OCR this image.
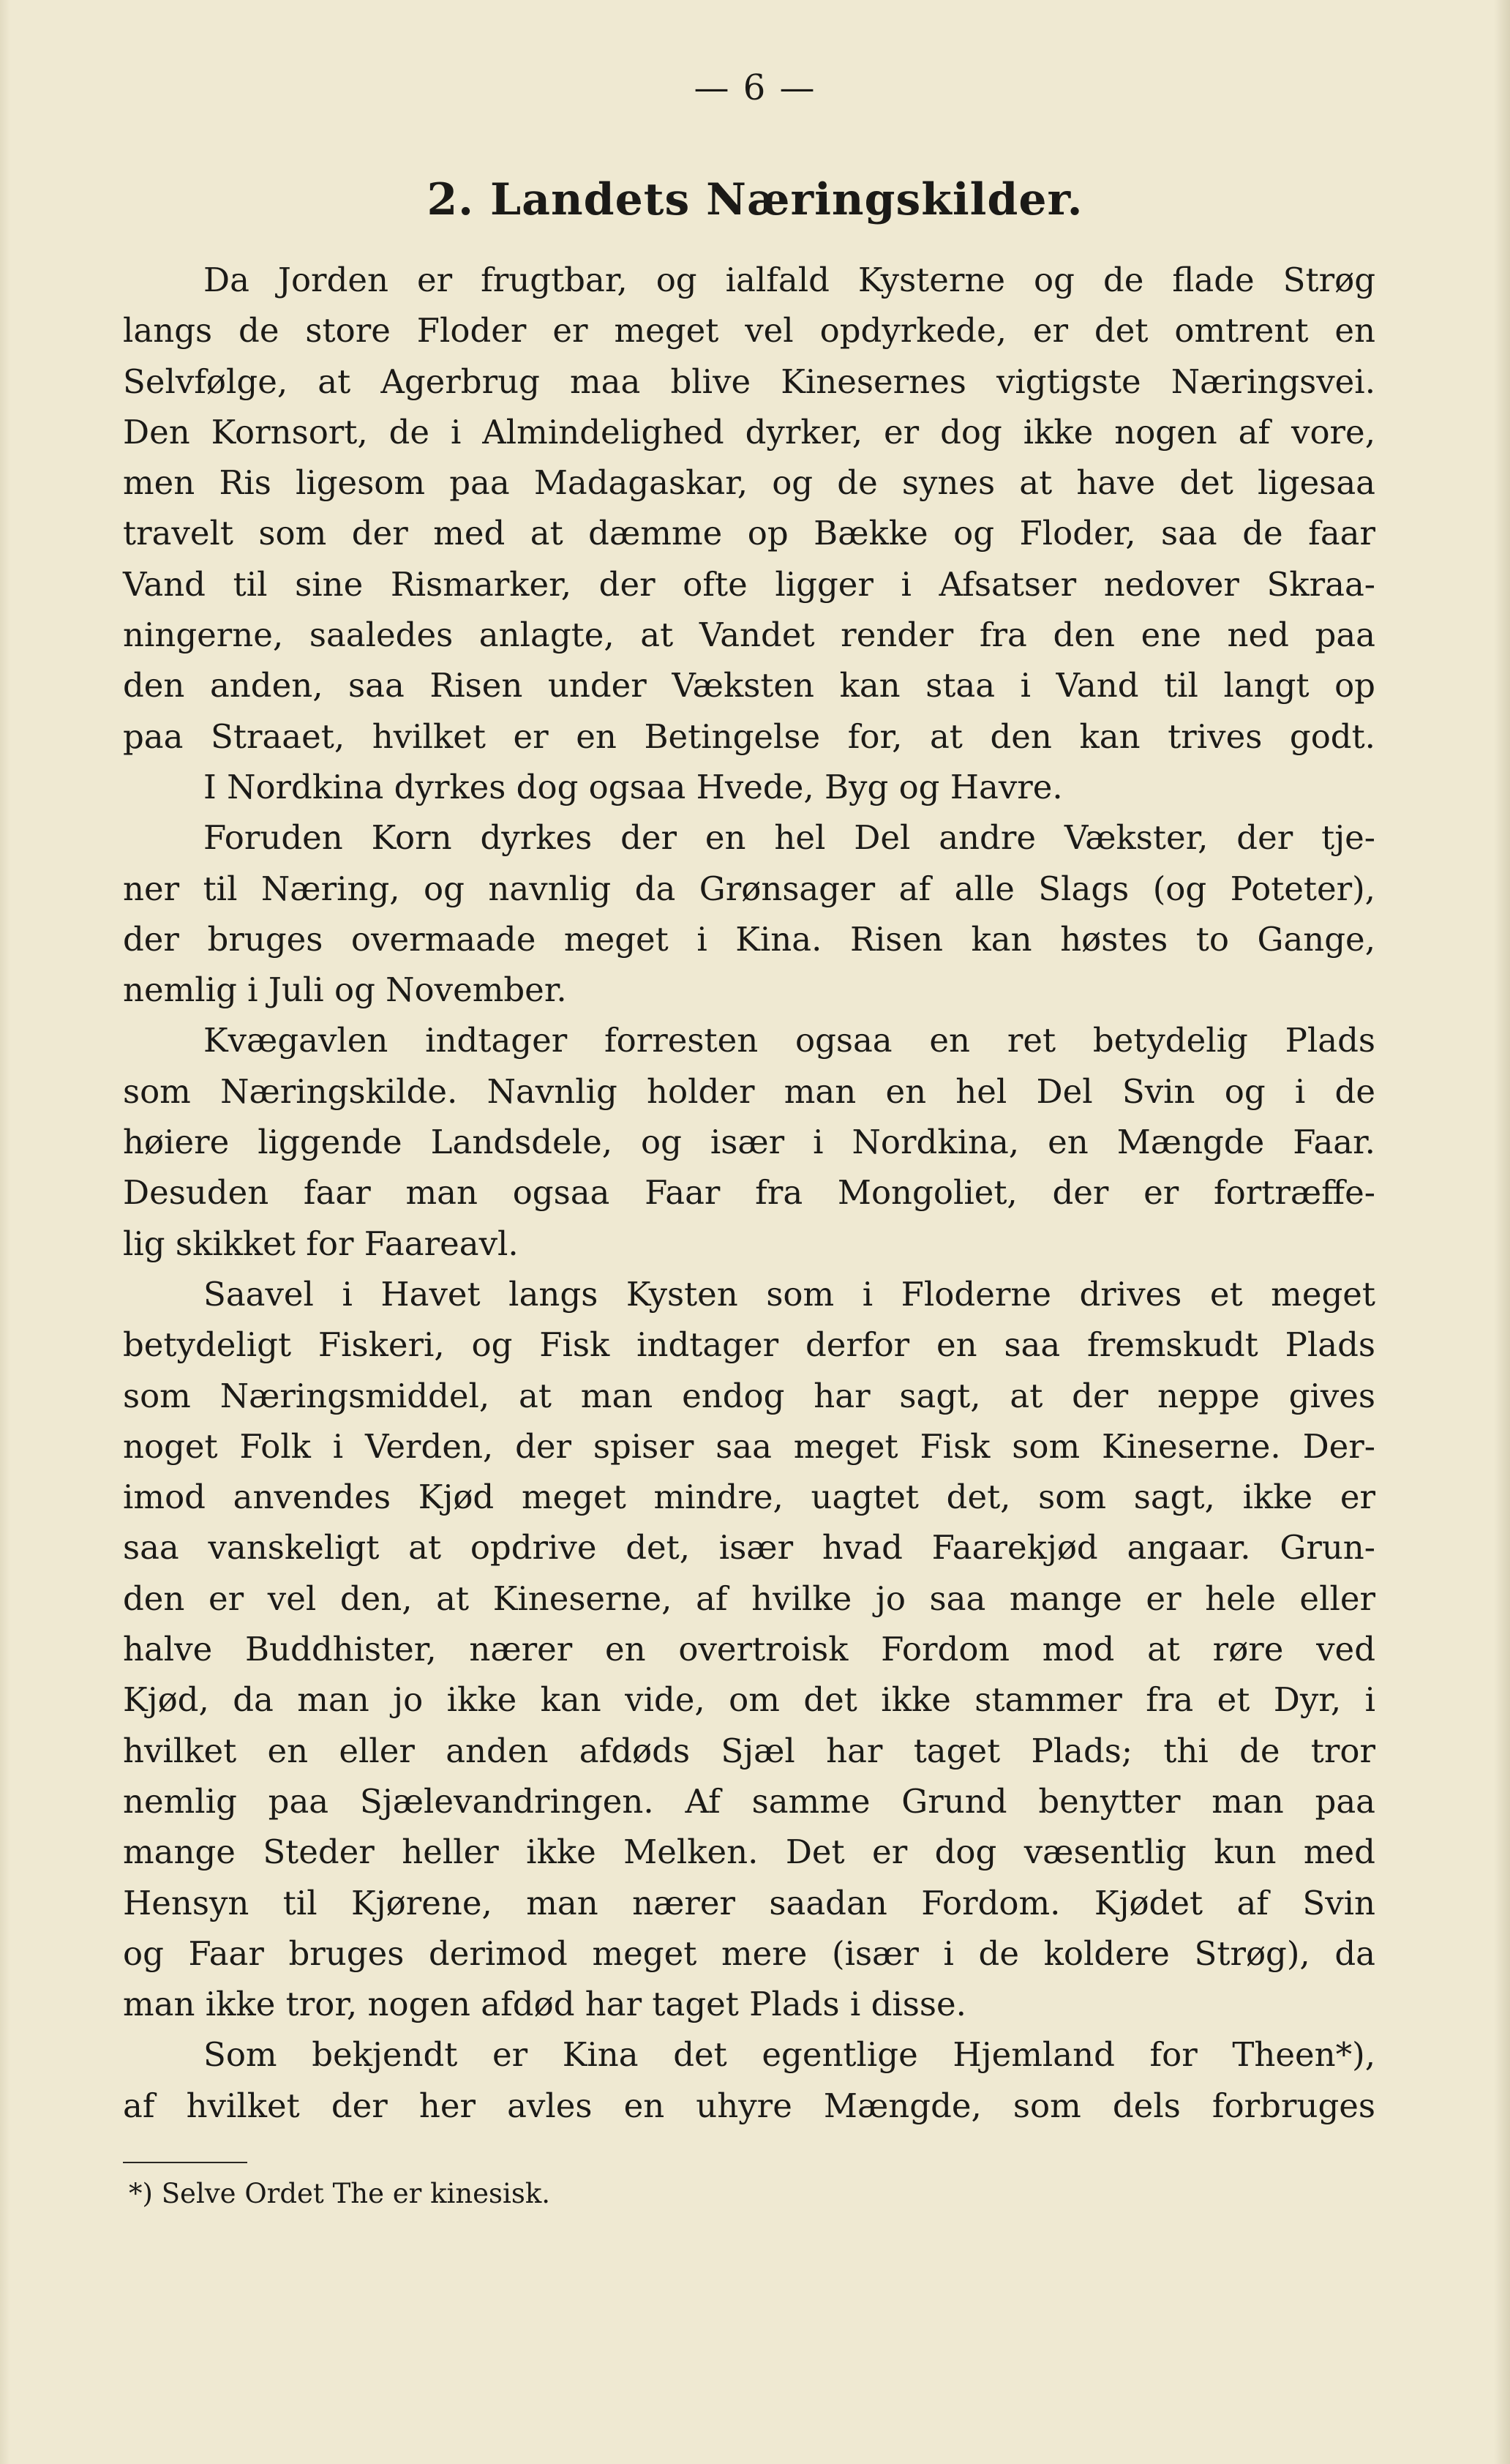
— 6 —
2. Landets Næringskilder.
Da Jorden er frugtbar, og ialfald Kysterne og de flade Strøg
langs de store Floder er meget vel opdyrkede, er det omtrent en
Selvfølge, at Agerbrug maa blive Kinesernes vigtigste Næringsvei.
Den Kornsort, de i Almindelighed dyrker, er dog ikke nogen af vore,
men Ris ligesom paa Madagaskar, og de synes at have det ligesaa
travelt som der med at dæmme op Bække og Floder, saa de faar
Vand til sine Rismarker, der ofte ligger i Afsatser nedover Skraa-
ningerne, saaledes anlagte, at Vandet render fra den ene ned paa
den anden, saa Risen under Væksten kan staa i Vand til langt op
paa Straaet, hvilket er en Betingelse for, at den kan trives godt.
I Nordkina dyrkes dog ogsaa Hvede, Byg og Havre.
Foruden Korn dyrkes der en hel Del andre Vækster, der tje-
ner til Næring, og navnlig da Grønsager af alle Slags (og Poteter),
der bruges overmaade meget i Kina. Risen kan høstes to Gange,
nemlig i Juli og November.
Kvægavlen indtager forresten ogsaa en ret betydelig Plads
som Næringskilde. Navnlig holder man en hel Del Svin og i de
høiere liggende Landsdele, og især i Nordkina, en Mængde Faar.
Desuden faar man ogsaa Faar fra Mongoliet, der er fortræffe-
lig skikket for Faareavl.
Saavel i Havet langs Kysten som i Floderne drives et meget
betydeligt Fiskeri, og Fisk indtager derfor en saa fremskudt Plads
som Næringsmiddel, at man endog har sagt, at der neppe gives
noget Folk i Verden, der spiser saa meget Fisk som Kineserne. Der-
imod anvendes Kjød meget mindre, uagtet det, som sagt, ikke er
saa vanskeligt at opdrive det, især hvad Faarekjød angaar. Grun-
den er vel den, at Kineserne, af hvilke jo saa mange er hele eller
halve Buddhister, nærer en overtroisk Fordom mod at røre ved
Kjød, da man jo ikke kan vide, om det ikke stammer fra et Dyr, i
hvilket en eller anden afdøds Sjæl har taget Plads; thi de tror
nemlig paa Sjælevandringen. Af samme Grund benytter man paa
mange Steder heller ikke Melken. Det er dog væsentlig kun med
Hensyn til Kjørene, man nærer saadan Fordom. Kjødet af Svin
og Faar bruges derimod meget mere (især i de koldere Strøg), da
man ikke tror, nogen afdød har taget Plads i disse.
Som bekjendt er Kina det egentlige Hjemland for Theen*),
af hvilket der her avles en uhyre Mængde, som dels forbruges
*) Selve Ordet The er kinesisk.
